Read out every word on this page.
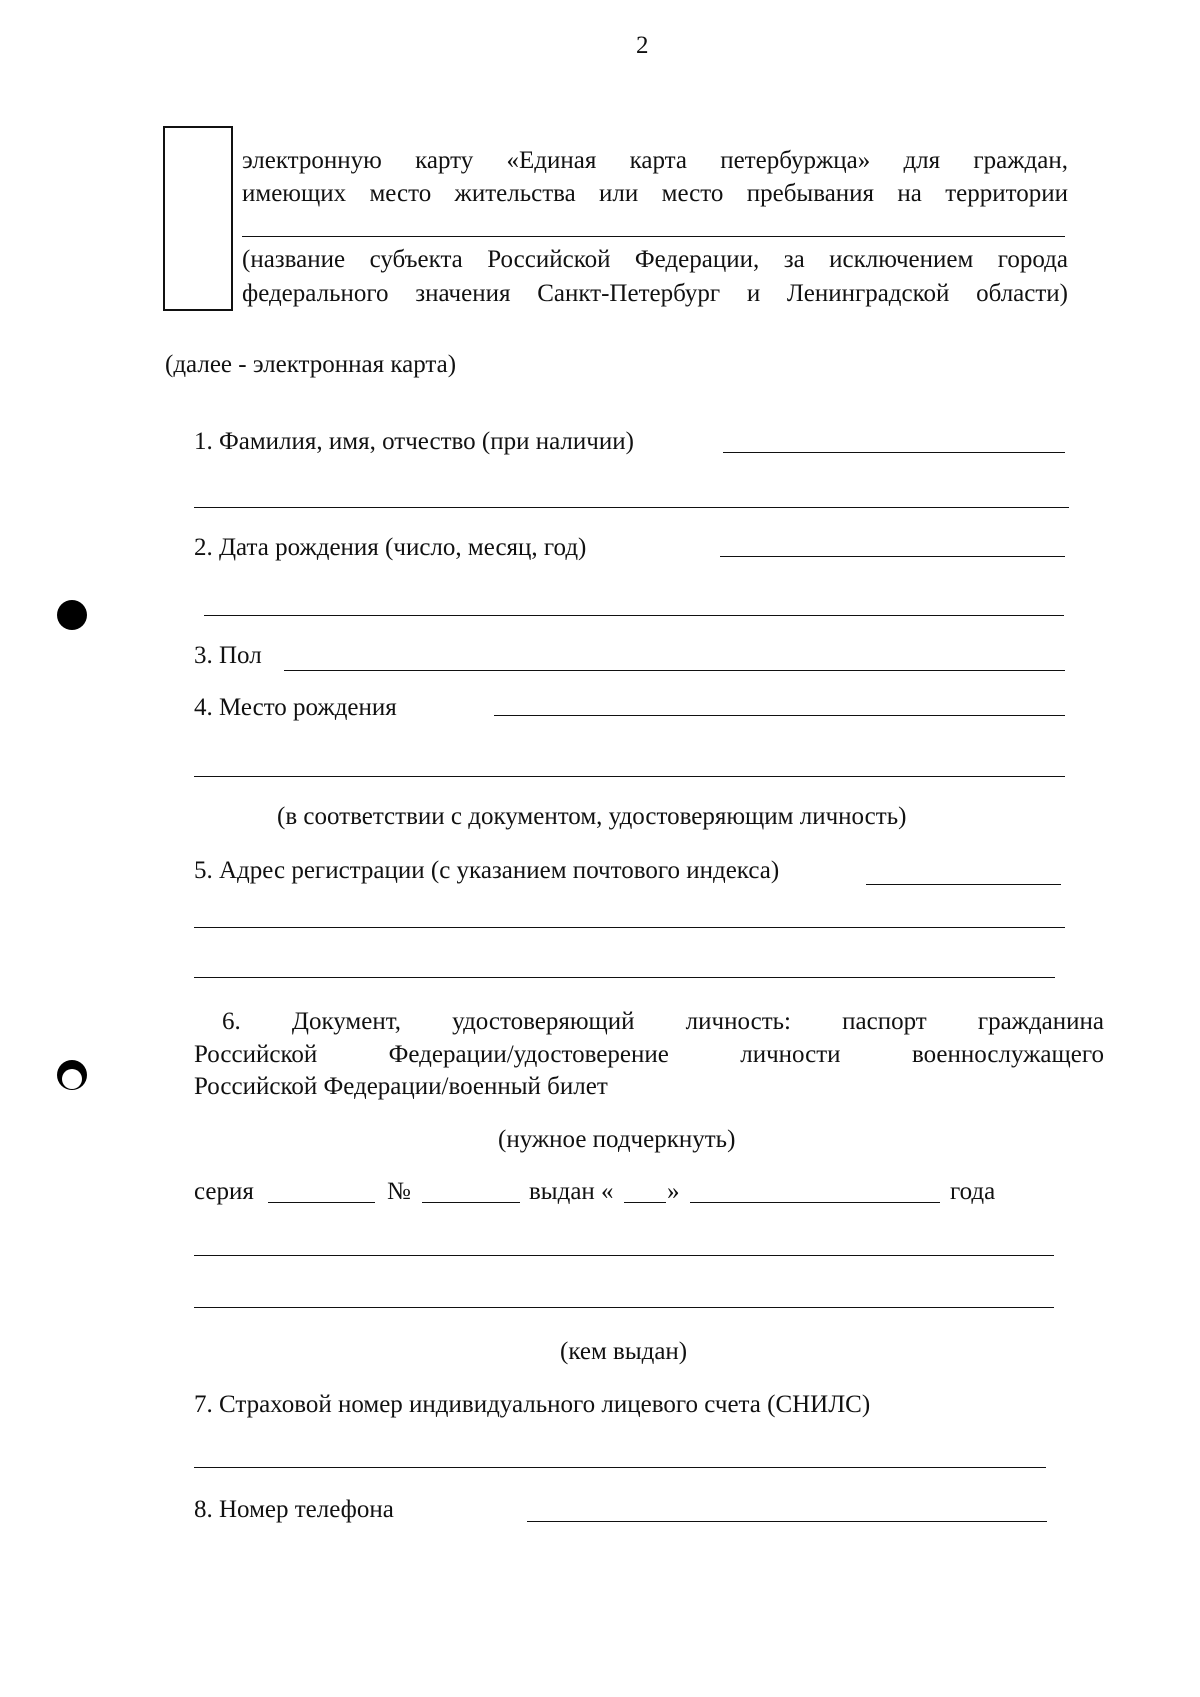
2
электронную карту «Единая карта петербуржца» для граждан,
имеющих место жительства или место пребывания на территории
(название субъекта Российской Федерации, за исключением города
федерального значения Санкт-Петербург и Ленинградской области)
(далее - электронная карта)
1. Фамилия, имя, отчество (при наличии)
2. Дата рождения (число, месяц, год)
3. Пол
4. Место рождения
(в соответствии с документом, удостоверяющим личность)
5. Адрес регистрации (с указанием почтового индекса)
6. Документ, удостоверяющий личность: паспорт гражданина
Российской Федерации/удостоверение личности военнослужащего
Российской Федерации/военный билет
(нужное подчеркнуть)
серия	№	выдан « »	года
(кем выдан)
7. Страховой номер индивидуального лицевого счета (СНИЛС)
8. Номер телефона
